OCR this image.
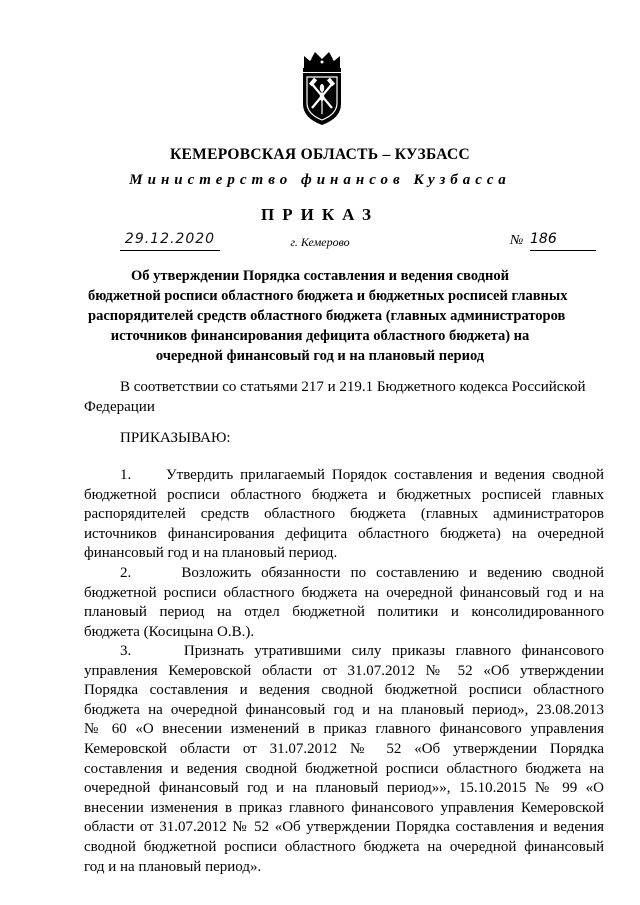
КЕМЕРОВСКАЯ ОБЛАСТЬ – КУЗБАСС
Министерство финансов Кузбасса
ПРИКАЗ
29.12.2020	г. Кемерово	№ 186
Об утверждении Порядка составления и ведения сводной
бюджетной росписи областного бюджета и бюджетных росписей главных
распорядителей средств областного бюджета (главных администраторов
источников финансирования дефицита областного бюджета) на
очередной финансовый год и на плановый период
В соответствии со статьями 217 и 219.1 Бюджетного кодекса Российской
Федерации
ПРИКАЗЫВАЮ:
1. Утвердить прилагаемый Порядок составления и ведения сводной
бюджетной росписи областного бюджета и бюджетных росписей главных
распорядителей средств областного бюджета (главных администраторов
источников финансирования дефицита областного бюджета) на очередной
финансовый год и на плановый период.
2.	Возложить обязанности по составлению и ведению сводной
бюджетной росписи областного бюджета на очередной финансовый год и на
плановый период на отдел бюджетной политики и консолидированного
бюджета (Косицына О.В.).
3.	Признать утратившими силу приказы главного финансового
управления Кемеровской области от 31.07.2012 № 52 «Об утверждении
Порядка составления и ведения сводной бюджетной росписи областного
бюджета на очередной финансовый год и на плановый период», 23.08.2013
№ 60 «О внесении изменений в приказ главного финансового управления
Кемеровской области от 31.07.2012 № 52 «Об утверждении Порядка
составления и ведения сводной бюджетной росписи областного бюджета на
очередной финансовый год и на плановый период»», 15.10.2015 № 99 «О
внесении изменения в приказ главного финансового управления Кемеровской
области от 31.07.2012 № 52 «Об утверждении Порядка составления и ведения
сводной бюджетной росписи областного бюджета на очередной финансовый
год и на плановый период».
